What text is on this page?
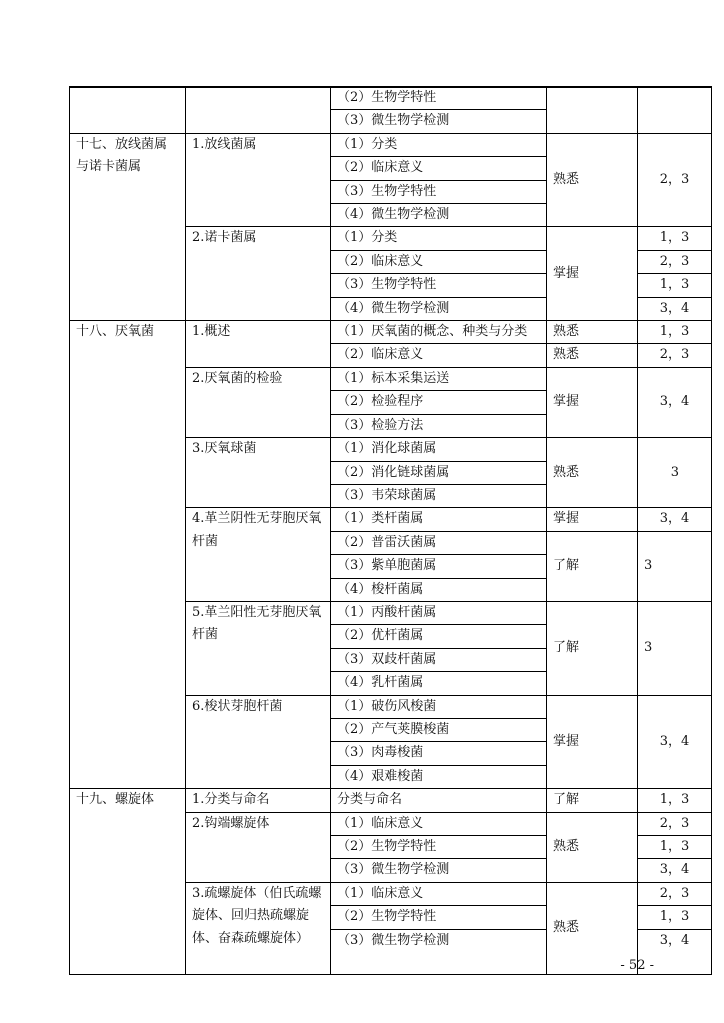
		（2）生物学特性		
		（3）微生物学检测		
十七、放线菌属与诺卡菌属	1.放线菌属	（1）分类	熟悉	2，3
		（2）临床意义		
		（3）生物学特性		
		（4）微生物学检测		
	2.诺卡菌属	（1）分类	掌握	1，3
		（2）临床意义		2，3
		（3）生物学特性		1，3
		（4）微生物学检测		3，4
十八、厌氧菌	1.概述	（1）厌氧菌的概念、种类与分类	熟悉	1，3
		（2）临床意义	熟悉	2，3
	2.厌氧菌的检验	（1）标本采集运送	掌握	3，4
		（2）检验程序		
		（3）检验方法		
	3.厌氧球菌	（1）消化球菌属	熟悉	3
		（2）消化链球菌属		
		（3）韦荣球菌属		
	4.革兰阴性无芽胞厌氧杆菌	（1）类杆菌属	掌握	3，4
		（2）普雷沃菌属	了解	3
		（3）紫单胞菌属		
		（4）梭杆菌属		
	5.革兰阳性无芽胞厌氧杆菌	（1）丙酸杆菌属	了解	3
		（2）优杆菌属		
		（3）双歧杆菌属		
		（4）乳杆菌属		
	6.梭状芽胞杆菌	（1）破伤风梭菌	掌握	3，4
		（2）产气荚膜梭菌		
		（3）肉毒梭菌		
		（4）艰难梭菌		
十九、螺旋体	1.分类与命名	分类与命名	了解	1，3
	2.钩端螺旋体	（1）临床意义	熟悉	2，3
		（2）生物学特性		1，3
		（3）微生物学检测		3，4
	3.疏螺旋体（伯氏疏螺旋体、回归热疏螺旋体、奋森疏螺旋体）	（1）临床意义	熟悉	2，3
		（2）生物学特性		1，3
		（3）微生物学检测		3，4
- 52 -
